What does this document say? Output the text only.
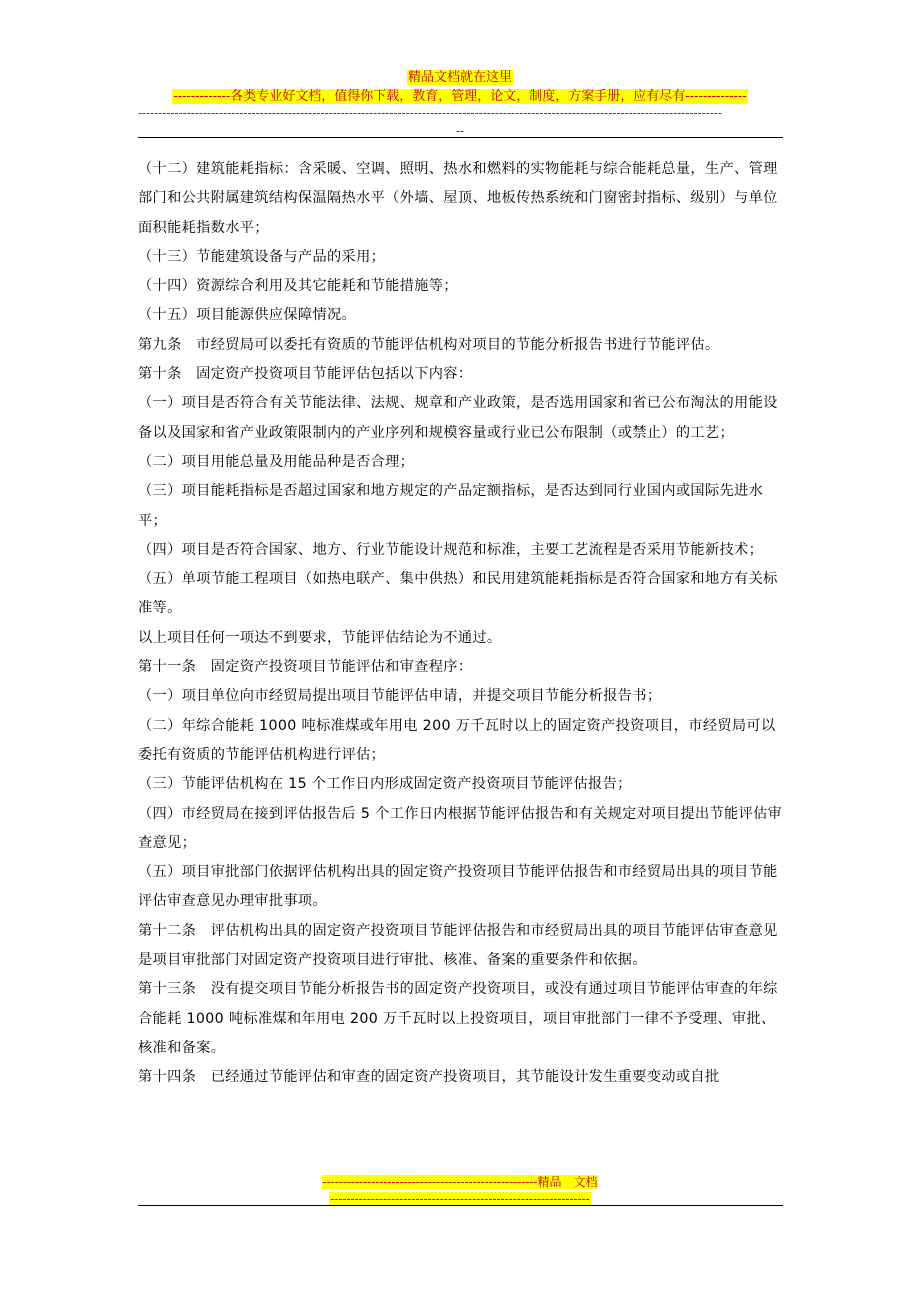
精品文档就在这里
-------------各类专业好文档，值得你下载，教育，管理，论文，制度，方案手册，应有尽有--------------
------------------------------------------------------------------------------------------------------------------------------------------------
--

（十二）建筑能耗指标：含采暖、空调、照明、热水和燃料的实物能耗与综合能耗总量，生产、管理部门和公共附属建筑结构保温隔热水平（外墙、屋顶、地板传热系统和门窗密封指标、级别）与单位面积能耗指数水平；

（十三）节能建筑设备与产品的采用；

（十四）资源综合利用及其它能耗和节能措施等；

（十五）项目能源供应保障情况。

第九条　市经贸局可以委托有资质的节能评估机构对项目的节能分析报告书进行节能评估。

第十条　固定资产投资项目节能评估包括以下内容：

（一）项目是否符合有关节能法律、法规、规章和产业政策，是否选用国家和省已公布淘汰的用能设备以及国家和省产业政策限制内的产业序列和规模容量或行业已公布限制（或禁止）的工艺；

（二）项目用能总量及用能品种是否合理；

（三）项目能耗指标是否超过国家和地方规定的产品定额指标，是否达到同行业国内或国际先进水平；

（四）项目是否符合国家、地方、行业节能设计规范和标准，主要工艺流程是否采用节能新技术；

（五）单项节能工程项目（如热电联产、集中供热）和民用建筑能耗指标是否符合国家和地方有关标准等。

以上项目任何一项达不到要求，节能评估结论为不通过。

第十一条　固定资产投资项目节能评估和审查程序：

（一）项目单位向市经贸局提出项目节能评估申请，并提交项目节能分析报告书；

（二）年综合能耗 1000 吨标准煤或年用电 200 万千瓦时以上的固定资产投资项目，市经贸局可以委托有资质的节能评估机构进行评估；

（三）节能评估机构在 15 个工作日内形成固定资产投资项目节能评估报告；

（四）市经贸局在接到评估报告后 5 个工作日内根据节能评估报告和有关规定对项目提出节能评估审查意见；

（五）项目审批部门依据评估机构出具的固定资产投资项目节能评估报告和市经贸局出具的项目节能评估审查意见办理审批事项。

第十二条　评估机构出具的固定资产投资项目节能评估报告和市经贸局出具的项目节能评估审查意见是项目审批部门对固定资产投资项目进行审批、核准、备案的重要条件和依据。

第十三条　没有提交项目节能分析报告书的固定资产投资项目，或没有通过项目节能评估审查的年综合能耗 1000 吨标准煤和年用电 200 万千瓦时以上投资项目，项目审批部门一律不予受理、审批、核准和备案。

第十四条　已经通过节能评估和审查的固定资产投资项目，其节能设计发生重要变动或自批

-----------------------------------------------------精品　文档
----------------------------------------------------------------
